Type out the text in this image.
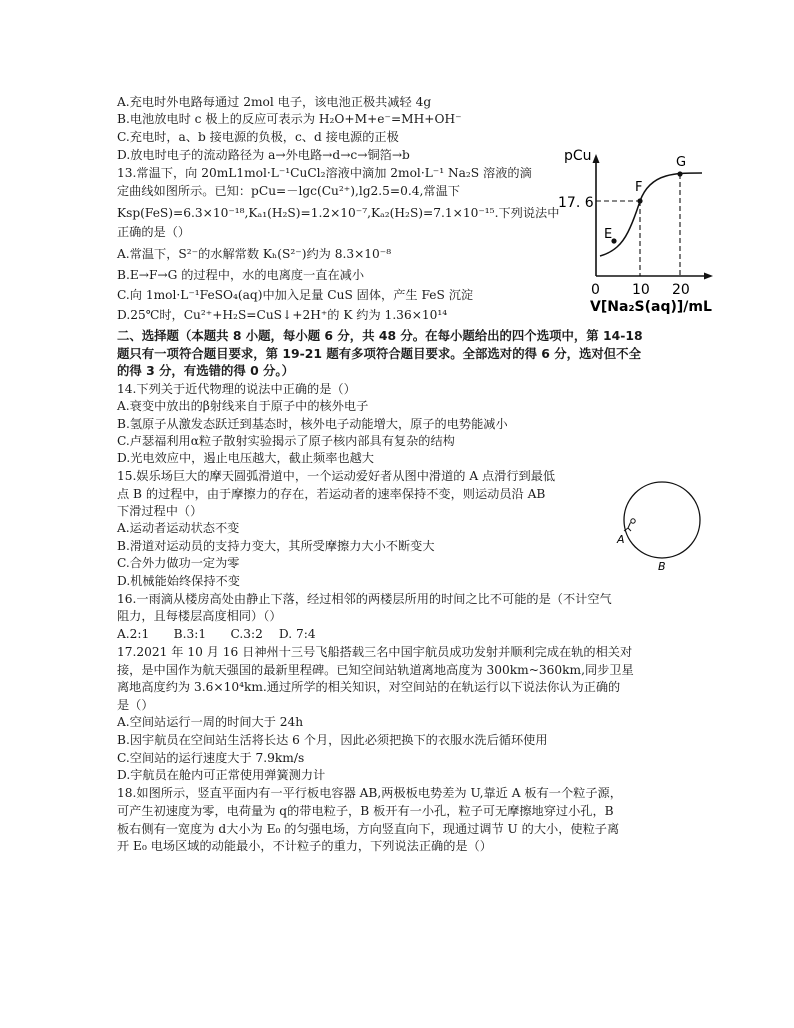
A.充电时外电路每通过 2mol 电子，该电池正极共减轻 4g
B.电池放电时 c 极上的反应可表示为 H₂O+M+e⁻=MH+OH⁻
C.充电时，a、b 接电源的负极，c、d 接电源的正极
D.放电时电子的流动路径为 a→外电路→d→c→铜箔→b
13.常温下，向 20mL1mol·L⁻¹CuCl₂溶液中滴加 2mol·L⁻¹ Na₂S 溶液的滴
定曲线如图所示。已知：pCu=－lgc(Cu²⁺),lg2.5=0.4,常温下
Ksp(FeS)=6.3×10⁻¹⁸,Kₐ₁(H₂S)=1.2×10⁻⁷,Kₐ₂(H₂S)=7.1×10⁻¹⁵.下列说法中
正确的是（）
A.常温下，S²⁻的水解常数 Kₕ(S²⁻)约为 8.3×10⁻⁸
B.E→F→G 的过程中，水的电离度一直在减小
C.向 1mol·L⁻¹FeSO₄(aq)中加入足量 CuS 固体，产生 FeS 沉淀
D.25℃时，Cu²⁺+H₂S=CuS↓+2H⁺的 K 约为 1.36×10¹⁴
二、选择题（本题共 8 小题，每小题 6 分，共 48 分。在每小题给出的四个选项中，第 14-18
题只有一项符合题目要求，第 19-21 题有多项符合题目要求。全部选对的得 6 分，选对但不全
的得 3 分，有选错的得 0 分。）
14.下列关于近代物理的说法中正确的是（）
A.衰变中放出的β射线来自于原子中的核外电子
B.氢原子从激发态跃迁到基态时，核外电子动能增大，原子的电势能减小
C.卢瑟福利用α粒子散射实验揭示了原子核内部具有复杂的结构
D.光电效应中，遏止电压越大，截止频率也越大
15.娱乐场巨大的摩天圆弧滑道中，一个运动爱好者从图中滑道的 A 点滑行到最低
点 B 的过程中，由于摩擦力的存在，若运动者的速率保持不变，则运动员沿 AB
下滑过程中（）
A.运动者运动状态不变
B.滑道对运动员的支持力变大，其所受摩擦力大小不断变大
C.合外力做功一定为零
D.机械能始终保持不变
16.一雨滴从楼房高处由静止下落，经过相邻的两楼层所用的时间之比不可能的是（不计空气
阻力，且每楼层高度相同）（）
A.2:1　　B.3:1　　C.3:2　 D. 7:4
17.2021 年 10 月 16 日神州十三号飞船搭载三名中国宇航员成功发射并顺利完成在轨的相关对
接，是中国作为航天强国的最新里程碑。已知空间站轨道离地高度为 300km~360km,同步卫星
离地高度约为 3.6×10⁴km.通过所学的相关知识，对空间站的在轨运行以下说法你认为正确的
是（）
A.空间站运行一周的时间大于 24h
B.因宇航员在空间站生活将长达 6 个月，因此必须把换下的衣服水洗后循环使用
C.空间站的运行速度大于 7.9km/s
D.宇航员在舱内可正常使用弹簧测力计
18.如图所示，竖直平面内有一平行板电容器 AB,两极板电势差为 U,靠近 A 板有一个粒子源，
可产生初速度为零，电荷量为 q的带电粒子，B 板开有一小孔，粒子可无摩擦地穿过小孔，B
板右侧有一宽度为 d大小为 E₀ 的匀强电场，方向竖直向下，现通过调节 U 的大小，使粒子离
开 E₀ 电场区域的动能最小，不计粒子的重力，下列说法正确的是（）
pCu
17. 6
E
F
G
0 10 20
V[Na₂S(aq)]/mL
A
B
